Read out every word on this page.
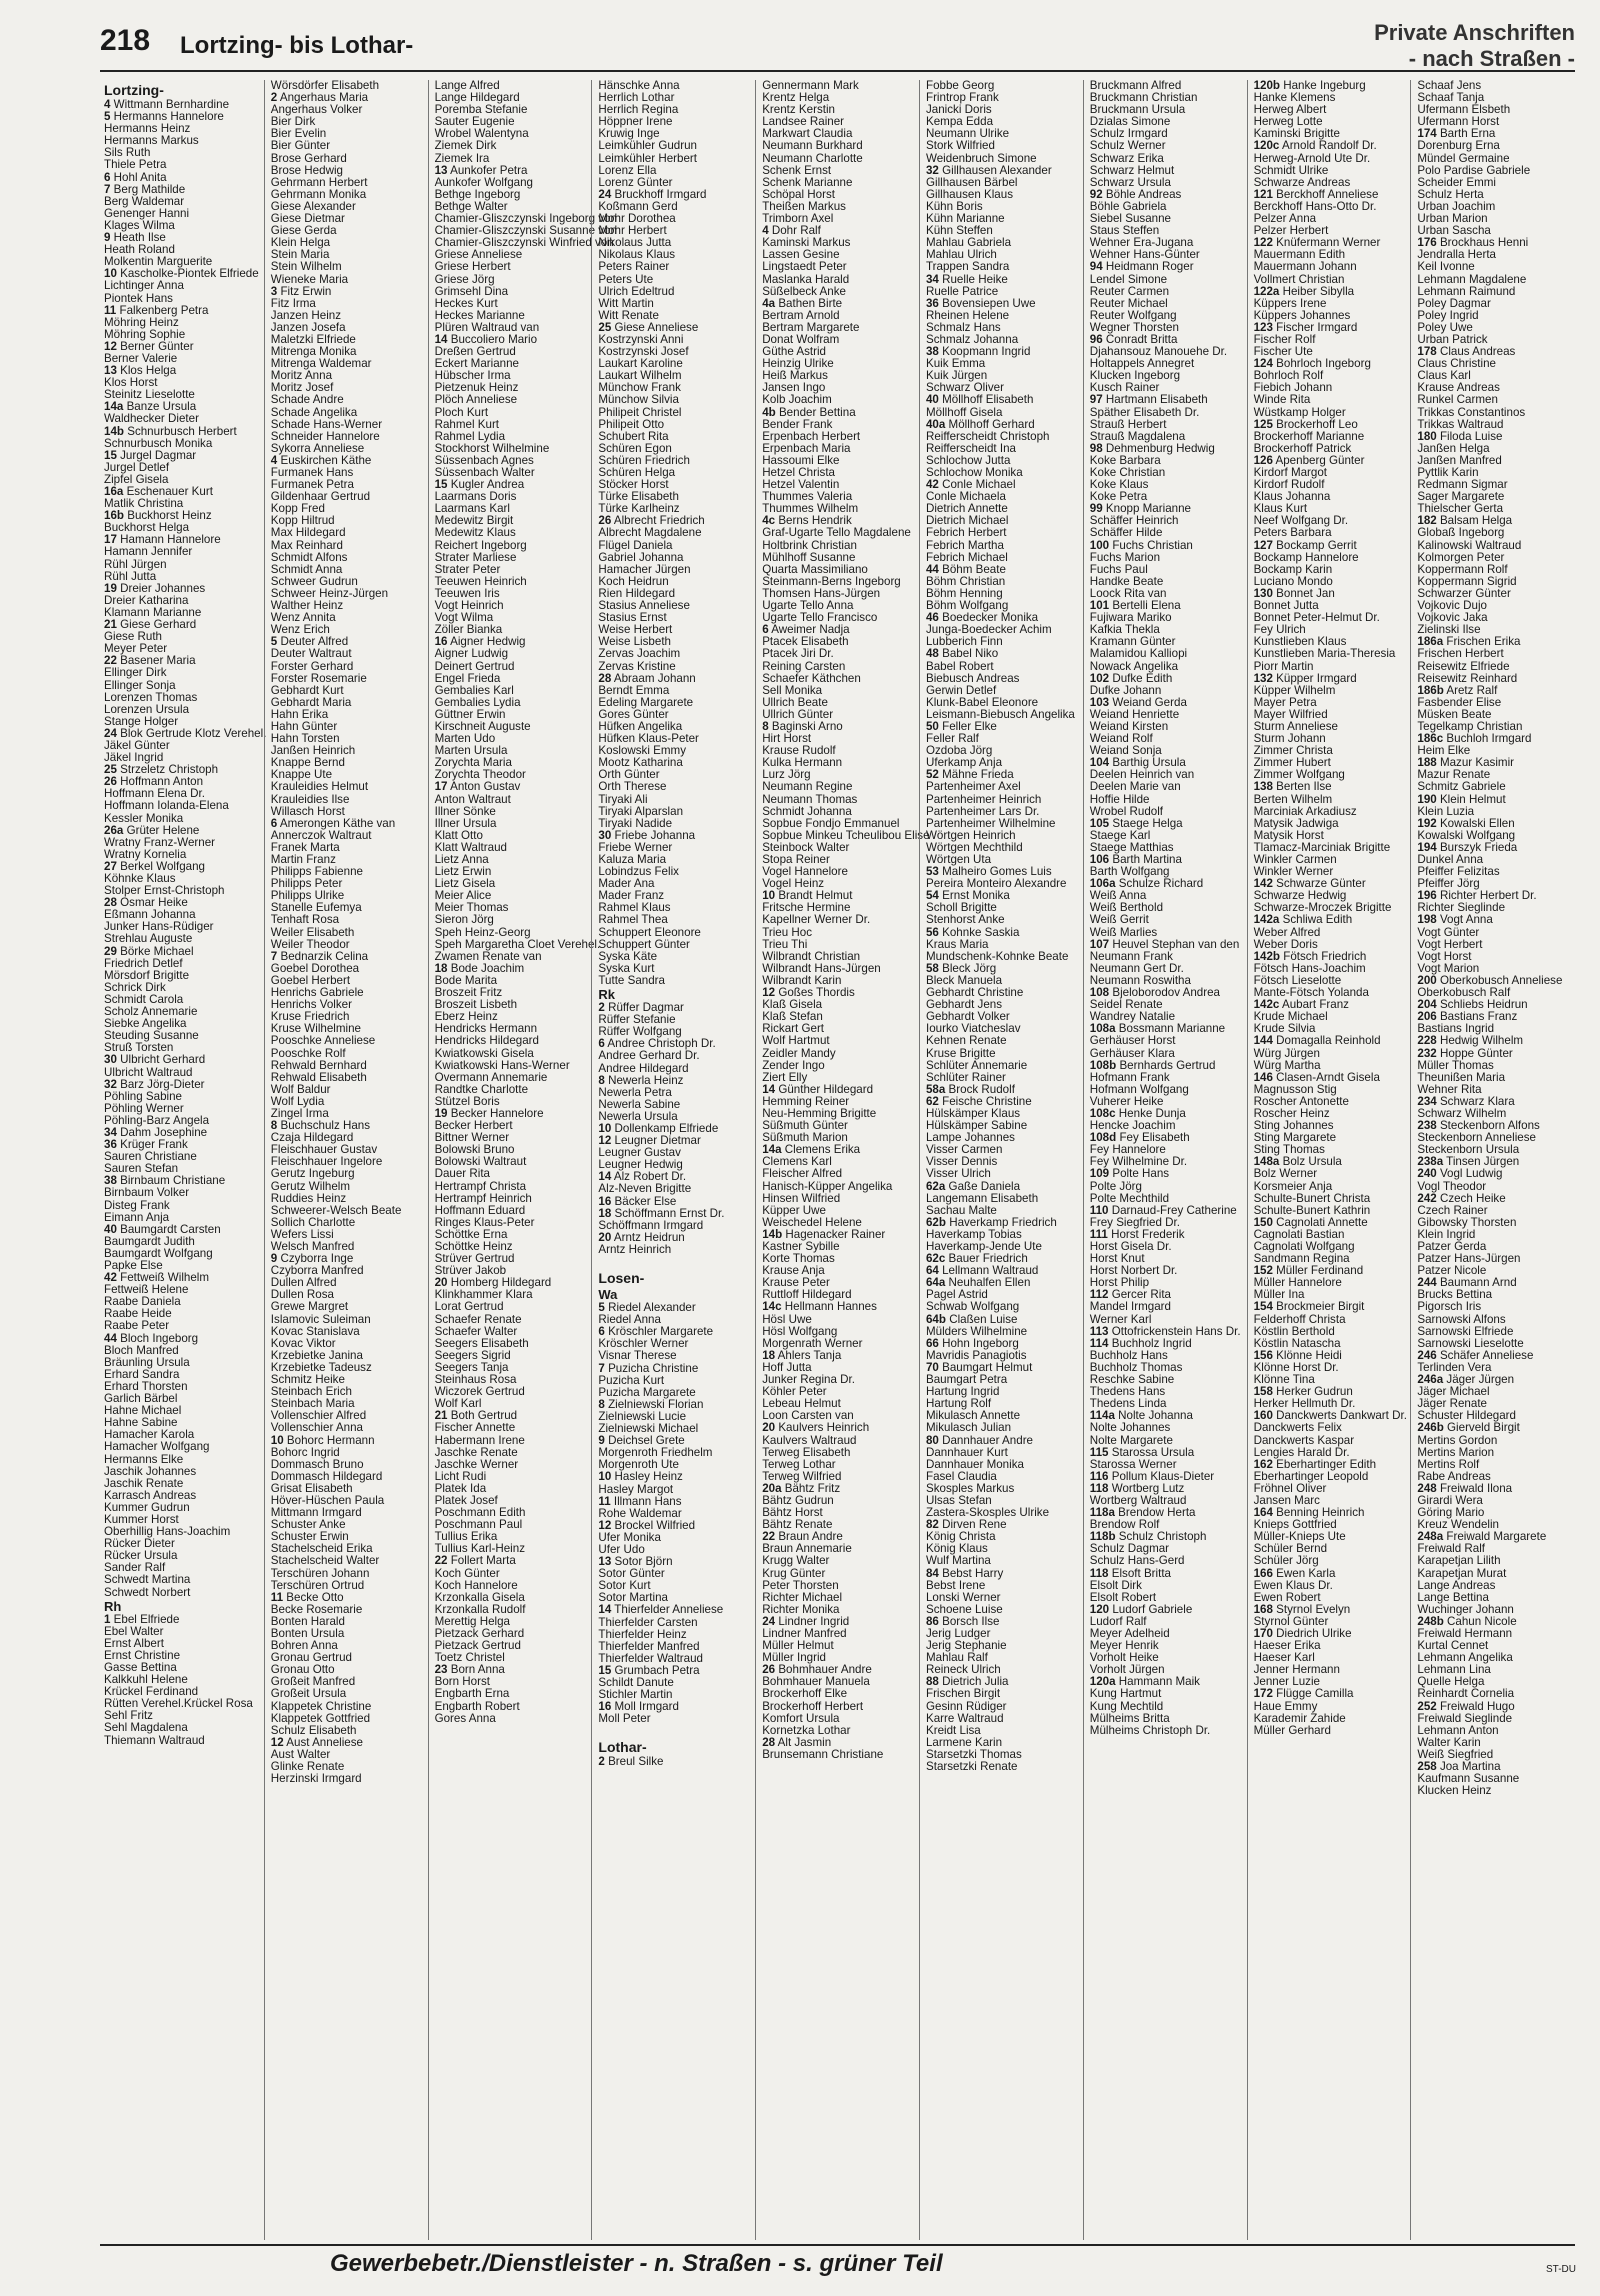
218 Lortzing- bis Lothar-	Private Anschriften
- nach Straßen -
Lortzing-
4 Wittmann Bernhardine
5 Hermanns Hannelore
Hermanns Heinz
Hermanns Markus
Sils Ruth
Thiele Petra
6 Hohl Anita
7 Berg Mathilde
Berg Waldemar
Genenger Hanni
Klages Wilma
9 Heath Ilse
Heath Roland
Molkentin Marguerite
10 Kascholke-Piontek Elfriede
Lichtinger Anna
Piontek Hans
11 Falkenberg Petra
Möhring Heinz
Möhring Sophie
12 Berner Günter
Berner Valerie
13 Klos Helga
Klos Horst
Steinitz Lieselotte
14a Banze Ursula
Waldhecker Dieter
14b Schnurbusch Herbert
Schnurbusch Monika
15 Jurgel Dagmar
Jurgel Detlef
Zipfel Gisela
16a Eschenauer Kurt
Matlik Christina
16b Buckhorst Heinz
Buckhorst Helga
17 Hamann Hannelore
Hamann Jennifer
Rühl Jürgen
Rühl Jutta
19 Dreier Johannes
Dreier Katharina
Klamann Marianne
21 Giese Gerhard
Giese Ruth
Meyer Peter
22 Basener Maria
Ellinger Dirk
Ellinger Sonja
Lorenzen Thomas
Lorenzen Ursula
Stange Holger
24 Blok Gertrude Klotz Verehel.
Jäkel Günter
Jäkel Ingrid
25 Strzeletz Christoph
26 Hoffmann Anton
Hoffmann Elena Dr.
Hoffmann Iolanda-Elena
Kessler Monika
26a Grüter Helene
Wratny Franz-Werner
Wratny Kornelia
27 Berkel Wolfgang
Köhnke Klaus
Stolper Ernst-Christoph
28 Osmar Heike
Eßmann Johanna
Junker Hans-Rüdiger
Strehlau Auguste
29 Börke Michael
Friedrich Detlef
Mörsdorf Brigitte
Schrick Dirk
Schmidt Carola
Scholz Annemarie
Siebke Angelika
Steuding Susanne
Struß Torsten
30 Ulbricht Gerhard
Ulbricht Waltraud
32 Barz Jörg-Dieter
Pöhling Sabine
Pöhling Werner
Pöhling-Barz Angela
34 Dahm Josephine
36 Krüger Frank
Sauren Christiane
Sauren Stefan
38 Birnbaum Christiane
Birnbaum Volker
Disteg Frank
Eimann Anja
40 Baumgardt Carsten
Baumgardt Judith
Baumgardt Wolfgang
Papke Else
42 Fettweiß Wilhelm
Fettweiß Helene
Raabe Daniela
Raabe Heide
Raabe Peter
44 Bloch Ingeborg
Bloch Manfred
Bräunling Ursula
Erhard Sandra
Erhard Thorsten
Garlich Bärbel
Hahne Michael
Hahne Sabine
Hamacher Karola
Hamacher Wolfgang
Hermanns Elke
Jaschik Johannes
Jaschik Renate
Karrasch Andreas
Kummer Gudrun
Kummer Horst
Oberhillig Hans-Joachim
Rücker Dieter
Rücker Ursula
Sander Ralf
Schwedt Martina
Schwedt Norbert
Rh
1 Ebel Elfriede
Ebel Walter
Ernst Albert
Ernst Christine
Gasse Bettina
Kalkkuhl Helene
Krückel Ferdinand
Rütten Verehel.Krückel Rosa
Sehl Fritz
Sehl Magdalena
Thiemann Waltraud
Wörsdörfer Elisabeth
2 Angerhaus Maria
Angerhaus Volker
Bier Dirk
Bier Evelin
Bier Günter
Brose Gerhard
Brose Hedwig
Gehrmann Herbert
Gehrmann Monika
Giese Alexander
Giese Dietmar
Giese Gerda
Klein Helga
Stein Maria
Stein Wilhelm
Wieneke Maria
3 Fitz Erwin
Fitz Irma
Janzen Heinz
Janzen Josefa
Maletzki Elfriede
Mitrenga Monika
Mitrenga Waldemar
Moritz Anna
Moritz Josef
Schade Andre
Schade Angelika
Schade Hans-Werner
Schneider Hannelore
Sykorra Anneliese
4 Euskirchen Käthe
Furmanek Hans
Furmanek Petra
Gildenhaar Gertrud
Kopp Fred
Kopp Hiltrud
Max Hildegard
Max Reinhard
Schmidt Alfons
Schmidt Anna
Schweer Gudrun
Schweer Heinz-Jürgen
Walther Heinz
Wenz Annita
Wenz Erich
5 Deuter Alfred
Deuter Waltraut
Forster Gerhard
Forster Rosemarie
Gebhardt Kurt
Gebhardt Maria
Hahn Erika
Hahn Günter
Hahn Torsten
Janßen Heinrich
Knappe Bernd
Knappe Ute
Krauleidies Helmut
Krauleidies Ilse
Willasch Horst
6 Amerongen Käthe van
Annerczok Waltraut
Franek Marta
Martin Franz
Philipps Fabienne
Philipps Peter
Philipps Ulrike
Stanelle Eufemya
Tenhaft Rosa
Weiler Elisabeth
Weiler Theodor
7 Bednarzik Celina
Goebel Dorothea
Goebel Herbert
Henrichs Gabriele
Henrichs Volker
Kruse Friedrich
Kruse Wilhelmine
Pooschke Anneliese
Pooschke Rolf
Rehwald Bernhard
Rehwald Elisabeth
Wolf Baldur
Wolf Lydia
Zingel Irma
8 Buchschulz Hans
Czaja Hildegard
Fleischhauer Gustav
Fleischhauer Ingelore
Gerutz Ingeburg
Gerutz Wilhelm
Ruddies Heinz
Schweerer-Welsch Beate
Sollich Charlotte
Wefers Lissi
Welsch Manfred
9 Czyborra Inge
Czyborra Manfred
Dullen Alfred
Dullen Rosa
Grewe Margret
Islamovic Suleiman
Kovac Stanislava
Kovac Viktor
Krzebietke Janina
Krzebietke Tadeusz
Schmitz Heike
Steinbach Erich
Steinbach Maria
Vollenschier Alfred
Vollenschier Anna
10 Bohorc Hermann
Bohorc Ingrid
Dommasch Bruno
Dommasch Hildegard
Grisat Elisabeth
Höver-Hüschen Paula
Mittmann Irmgard
Schuster Anke
Schuster Erwin
Stachelscheid Erika
Stachelscheid Walter
Terschüren Johann
Terschüren Ortrud
11 Becke Otto
Becke Rosemarie
Bonten Harald
Bonten Ursula
Bohren Anna
Gronau Gertrud
Gronau Otto
Großeit Manfred
Großeit Ursula
Klappetek Christine
Klappetek Gottfried
Schulz Elisabeth
12 Aust Anneliese
Aust Walter
Glinke Renate
Herzinski Irmgard
Lange Alfred
Lange Hildegard
Poremba Stefanie
Sauter Eugenie
Wrobel Walentyna
Ziemek Dirk
Ziemek Ira
13 Aunkofer Petra
Aunkofer Wolfgang
Bethge Ingeborg
Bethge Walter
Chamier-Gliszczynski Ingeborg von
Chamier-Gliszczynski Susanne von
Chamier-Gliszczynski Winfried von
Griese Anneliese
Griese Herbert
Griese Jörg
Grimsehl Dina
Heckes Kurt
Heckes Marianne
Plüren Waltraud van
14 Buccoliero Mario
Dreßen Gertrud
Eckert Marianne
Hübscher Irma
Pietzenuk Heinz
Plöch Anneliese
Ploch Kurt
Rahmel Kurt
Rahmel Lydia
Stockhorst Wilhelmine
Süssenbach Agnes
Süssenbach Walter
15 Kugler Andrea
Laarmans Doris
Laarmans Karl
Medewitz Birgit
Medewitz Klaus
Reichert Ingeborg
Strater Marliese
Strater Peter
Teeuwen Heinrich
Teeuwen Iris
Vogt Heinrich
Vogt Wilma
Zöller Bianka
16 Aigner Hedwig
Aigner Ludwig
Deinert Gertrud
Engel Frieda
Gembalies Karl
Gembalies Lydia
Güttner Erwin
Kirschneit Auguste
Marten Udo
Marten Ursula
Zorychta Maria
Zorychta Theodor
17 Anton Gustav
Anton Waltraut
Illner Sönke
Illner Ursula
Klatt Otto
Klatt Waltraud
Lietz Anna
Lietz Erwin
Lietz Gisela
Meier Alice
Meier Thomas
Sieron Jörg
Speh Heinz-Georg
Speh Margaretha Cloet Verehel.
Zwamen Renate van
18 Bode Joachim
Bode Marita
Broszeit Fritz
Broszeit Lisbeth
Eberz Heinz
Hendricks Hermann
Hendricks Hildegard
Kwiatkowski Gisela
Kwiatkowski Hans-Werner
Overmann Annemarie
Randtke Charlotte
Stützel Boris
19 Becker Hannelore
Becker Herbert
Bittner Werner
Bolowski Bruno
Bolowski Waltraut
Dauer Rita
Hertrampf Christa
Hertrampf Heinrich
Hoffmann Eduard
Ringes Klaus-Peter
Schöttke Erna
Schöttke Heinz
Strüver Gertrud
Strüver Jakob
20 Homberg Hildegard
Klinkhammer Klara
Lorat Gertrud
Schaefer Renate
Schaefer Walter
Seegers Elisabeth
Seegers Sigrid
Seegers Tanja
Steinhaus Rosa
Wiczorek Gertrud
Wolf Karl
21 Both Gertrud
Fischer Annette
Habermann Irene
Jaschke Renate
Jaschke Werner
Licht Rudi
Platek Ida
Platek Josef
Poschmann Edith
Poschmann Paul
Tullius Erika
Tullius Karl-Heinz
22 Follert Marta
Koch Günter
Koch Hannelore
Krzonkalla Gisela
Krzonkalla Rudolf
Merettig Helga
Pietzack Gerhard
Pietzack Gertrud
Toetz Christel
23 Born Anna
Born Horst
Engbarth Erna
Engbarth Robert
Gores Anna
Hänschke Anna
Herrlich Lothar
Herrlich Regina
Höppner Irene
Kruwig Inge
Leimkühler Gudrun
Leimkühler Herbert
Lorenz Ella
Lorenz Günter
24 Bruckhoff Irmgard
Koßmann Gerd
Mohr Dorothea
Mohr Herbert
Nikolaus Jutta
Nikolaus Klaus
Peters Rainer
Peters Ute
Ulrich Edeltrud
Witt Martin
Witt Renate
25 Giese Anneliese
Kostrzynski Anni
Kostrzynski Josef
Laukart Karoline
Laukart Wilhelm
Münchow Frank
Münchow Silvia
Philipeit Christel
Philipeit Otto
Schubert Rita
Schüren Egon
Schüren Friedrich
Schüren Helga
Stöcker Horst
Türke Elisabeth
Türke Karlheinz
26 Albrecht Friedrich
Albrecht Magdalene
Flügel Daniela
Gabriel Johanna
Hamacher Jürgen
Koch Heidrun
Rien Hildegard
Stasius Anneliese
Stasius Ernst
Weise Herbert
Weise Lisbeth
Zervas Joachim
Zervas Kristine
28 Abraam Johann
Berndt Emma
Edeling Margarete
Gores Günter
Hüfken Angelika
Hüfken Klaus-Peter
Koslowski Emmy
Mootz Katharina
Orth Günter
Orth Therese
Tiryaki Ali
Tiryaki Alparslan
Tiryaki Nadide
30 Friebe Johanna
Friebe Werner
Kaluza Maria
Lobindzus Felix
Mader Ana
Mader Franz
Rahmel Klaus
Rahmel Thea
Schuppert Eleonore
Schuppert Günter
Syska Käte
Syska Kurt
Tutte Sandra
Rk
2 Rüffer Dagmar
Rüffer Stefanie
Rüffer Wolfgang
6 Andree Christoph Dr.
Andree Gerhard Dr.
Andree Hildegard
8 Newerla Heinz
Newerla Petra
Newerla Sabine
Newerla Ursula
10 Dollenkamp Elfriede
12 Leugner Dietmar
Leugner Gustav
Leugner Hedwig
14 Alz Robert Dr.
Alz-Neven Brigitte
16 Bäcker Else
18 Schöffmann Ernst Dr.
Schöffmann Irmgard
20 Arntz Heidrun
Arntz Heinrich

Losen-
Wa
5 Riedel Alexander
Riedel Anna
6 Kröschler Margarete
Kröschler Werner
Visnar Therese
7 Puzicha Christine
Puzicha Kurt
Puzicha Margarete
8 Zielniewski Florian
Zielniewski Lucie
Zielniewski Michael
9 Deichsel Grete
Morgenroth Friedhelm
Morgenroth Ute
10 Hasley Heinz
Hasley Margot
11 Illmann Hans
Rohe Waldemar
12 Brockel Wilfried
Ufer Monika
Ufer Udo
13 Sotor Björn
Sotor Günter
Sotor Kurt
Sotor Martina
14 Thierfelder Anneliese
Thierfelder Carsten
Thierfelder Heinz
Thierfelder Manfred
Thierfelder Waltraud
15 Grumbach Petra
Schildt Danute
Stichler Martin
16 Moll Irmgard
Moll Peter

Lothar-
2 Breul Silke
Gennermann Mark
Krentz Helga
Krentz Kerstin
Landsee Rainer
Markwart Claudia
Neumann Burkhard
Neumann Charlotte
Schenk Ernst
Schenk Marianne
Schöpal Horst
Theißen Markus
Trimborn Axel
4 Dohr Ralf
Kaminski Markus
Lassen Gesine
Lingstaedt Peter
Maslanka Harald
Süßelbeck Anke
4a Bathen Birte
Bertram Arnold
Bertram Margarete
Donat Wolfram
Güthe Astrid
Heinzig Ulrike
Heiß Markus
Jansen Ingo
Kolb Joachim
4b Bender Bettina
Bender Frank
Erpenbach Herbert
Erpenbach Maria
Hassoumi Elke
Hetzel Christa
Hetzel Valentin
Thummes Valeria
Thummes Wilhelm
4c Berns Hendrik
Graf-Ugarte Tello Magdalene
Holtbrink Christian
Mühlhoff Susanne
Quarta Massimiliano
Steinmann-Berns Ingeborg
Thomsen Hans-Jürgen
Ugarte Tello Anna
Ugarte Tello Francisco
6 Aweimer Nadja
Ptacek Elisabeth
Ptacek Jiri Dr.
Reining Carsten
Schaefer Käthchen
Sell Monika
Ullrich Beate
Ullrich Günter
8 Baginski Arno
Hirt Horst
Krause Rudolf
Kulka Hermann
Lurz Jörg
Neumann Regine
Neumann Thomas
Schmidt Johanna
Sopbue Fondjo Emmanuel
Sopbue Minkeu Tcheulibou Elise
Steinbock Walter
Stopa Reiner
Vogel Hannelore
Vogel Heinz
10 Brandt Helmut
Fritsche Hermine
Kapellner Werner Dr.
Trieu Hoc
Trieu Thi
Wilbrandt Christian
Wilbrandt Hans-Jürgen
Wilbrandt Karin
12 Goßes Thordis
Klaß Gisela
Klaß Stefan
Rickart Gert
Wolf Hartmut
Zeidler Mandy
Zender Ingo
Ziert Elly
14 Günther Hildegard
Hemming Reiner
Neu-Hemming Brigitte
Süßmuth Günter
Süßmuth Marion
14a Clemens Erika
Clemens Karl
Fleischer Alfred
Hanisch-Küpper Angelika
Hinsen Wilfried
Küpper Uwe
Weischedel Helene
14b Hagenacker Rainer
Kastner Sybille
Korte Thomas
Krause Anja
Krause Peter
Ruttloff Hildegard
14c Hellmann Hannes
Hösl Uwe
Hösl Wolfgang
Morgenrath Werner
18 Ahlers Tanja
Hoff Jutta
Junker Regina Dr.
Köhler Peter
Lebeau Helmut
Loon Carsten van
20 Kaulvers Heinrich
Kaulvers Waltraud
Terweg Elisabeth
Terweg Lothar
Terweg Wilfried
20a Bähtz Fritz
Bähtz Gudrun
Bähtz Horst
Bähtz Renate
22 Braun Andre
Braun Annemarie
Krugg Walter
Krug Günter
Peter Thorsten
Richter Michael
Richter Monika
24 Lindner Ingrid
Lindner Manfred
Müller Helmut
Müller Ingrid
26 Bohmhauer Andre
Bohmhauer Manuela
Brockerhoff Elke
Brockerhoff Herbert
Komfort Ursula
Kornetzka Lothar
28 Alt Jasmin
Brunsemann Christiane
Fobbe Georg
Frintrop Frank
Janicki Doris
Kempa Edda
Neumann Ulrike
Stork Wilfried
Weidenbruch Simone
32 Gillhausen Alexander
Gillhausen Bärbel
Gillhausen Klaus
Kühn Boris
Kühn Marianne
Kühn Steffen
Mahlau Gabriela
Mahlau Ulrich
Trappen Sandra
34 Ruelle Heike
Ruelle Patrice
36 Bovensiepen Uwe
Rheinen Helene
Schmalz Hans
Schmalz Johanna
38 Koopmann Ingrid
Kuik Emma
Kuik Jürgen
Schwarz Oliver
40 Möllhoff Elisabeth
Möllhoff Gisela
40a Möllhoff Gerhard
Reifferscheidt Christoph
Reifferscheidt Ina
Schlochow Jutta
Schlochow Monika
42 Conle Michael
Conle Michaela
Dietrich Annette
Dietrich Michael
Febrich Herbert
Febrich Martha
Febrich Michael
44 Böhm Beate
Böhm Christian
Böhm Henning
Böhm Wolfgang
46 Boedecker Monika
Junga-Boedecker Achim
Lubberich Finn
48 Babel Niko
Babel Robert
Biebusch Andreas
Gerwin Detlef
Klunk-Babel Eleonore
Leismann-Biebusch Angelika
50 Feller Elke
Feller Ralf
Ozdoba Jörg
Uferkamp Anja
52 Mähne Frieda
Partenheimer Axel
Partenheimer Heinrich
Partenheimer Lars Dr.
Partenheimer Wilhelmine
Wörtgen Heinrich
Wörtgen Mechthild
Wörtgen Uta
53 Malheiro Gomes Luis
Pereira Monteiro Alexandre
54 Ernst Monika
Scholl Brigitte
Stenhorst Anke
56 Kohnke Saskia
Kraus Maria
Mundschenk-Kohnke Beate
58 Bleck Jörg
Bleck Manuela
Gebhardt Christine
Gebhardt Jens
Gebhardt Volker
Iourko Viatcheslav
Kehnen Renate
Kruse Brigitte
Schlüter Annemarie
Schlüter Rainer
58a Brock Rudolf
62 Feische Christine
Hülskämper Klaus
Hülskämper Sabine
Lampe Johannes
Visser Carmen
Visser Dennis
Visser Ulrich
62a Gaße Daniela
Langemann Elisabeth
Sachau Malte
62b Haverkamp Friedrich
Haverkamp Tobias
Haverkamp-Jende Ute
62c Bauer Friedrich
64 Lellmann Waltraud
64a Neuhalfen Ellen
Pagel Astrid
Schwab Wolfgang
64b Claßen Luise
Mülders Wilhelmine
66 Hohn Ingeborg
Mavridis Panagiotis
70 Baumgart Helmut
Baumgart Petra
Hartung Ingrid
Hartung Rolf
Mikulasch Annette
Mikulasch Julian
80 Dannhauer Andre
Dannhauer Kurt
Dannhauer Monika
Fasel Claudia
Skosples Markus
Ulsas Stefan
Zastera-Skosples Ulrike
82 Dirven Rene
König Christa
König Klaus
Wulf Martina
84 Bebst Harry
Bebst Irene
Lonski Werner
Schoene Luise
86 Borsch Ilse
Jerig Ludger
Jerig Stephanie
Mahlau Ralf
Reineck Ulrich
88 Dietrich Julia
Frischen Birgit
Gesinn Rüdiger
Karre Waltraud
Kreidt Lisa
Larmene Karin
Starsetzki Thomas
Starsetzki Renate
Bruckmann Alfred
Bruckmann Christian
Bruckmann Ursula
Dzialas Simone
Schulz Irmgard
Schulz Werner
Schwarz Erika
Schwarz Helmut
Schwarz Ursula
92 Böhle Andreas
Böhle Gabriela
Siebel Susanne
Staus Steffen
Wehner Era-Jugana
Wehner Hans-Günter
94 Heidmann Roger
Lendel Simone
Reuter Carmen
Reuter Michael
Reuter Wolfgang
Wegner Thorsten
96 Conradt Britta
Djahansouz Manouehe Dr.
Holtappels Annegret
Klucken Ingeborg
Kusch Rainer
97 Hartmann Elisabeth
Späther Elisabeth Dr.
Strauß Herbert
Strauß Magdalena
98 Dehmenburg Hedwig
Koke Barbara
Koke Christian
Koke Klaus
Koke Petra
99 Knopp Marianne
Schäffer Heinrich
Schäffer Hilde
100 Fuchs Christian
Fuchs Marion
Fuchs Paul
Handke Beate
Loock Rita van
101 Bertelli Elena
Fujiwara Mariko
Kafkia Thekla
Kramann Günter
Malamidou Kalliopi
Nowack Angelika
102 Dufke Edith
Dufke Johann
103 Weiand Gerda
Weiand Henriette
Weiand Kirsten
Weiand Rolf
Weiand Sonja
104 Barthig Ursula
Deelen Heinrich van
Deelen Marie van
Hoffie Hilde
Wrobel Rudolf
105 Staege Helga
Staege Karl
Staege Matthias
106 Barth Martina
Barth Wolfgang
106a Schulze Richard
Weiß Anna
Weiß Berthold
Weiß Gerrit
Weiß Marlies
107 Heuvel Stephan van den
Neumann Frank
Neumann Gert Dr.
Neumann Roswitha
108 Bjeloborodov Andrea
Seidel Renate
Wandrey Natalie
108a Bossmann Marianne
Gerhäuser Horst
Gerhäuser Klara
108b Bernhards Gertrud
Hofmann Frank
Hofmann Wolfgang
Vuherer Heike
108c Henke Dunja
Hencke Joachim
108d Fey Elisabeth
Fey Hannelore
Fey Wilhelmine Dr.
109 Polte Hans
Polte Jörg
Polte Mechthild
110 Darnaud-Frey Catherine
Frey Siegfried Dr.
111 Horst Frederik
Horst Gisela Dr.
Horst Knut
Horst Norbert Dr.
Horst Philip
112 Gercer Rita
Mandel Irmgard
Werner Karl
113 Ottofrickenstein Hans Dr.
114 Buchholz Ingrid
Buchholz Hans
Buchholz Thomas
Reschke Sabine
Thedens Hans
Thedens Linda
114a Nolte Johanna
Nolte Johannes
Nolte Margarete
115 Starossa Ursula
Starossa Werner
116 Pollum Klaus-Dieter
118 Wortberg Lutz
Wortberg Waltraud
118a Brendow Herta
Brendow Rolf
118b Schulz Christoph
Schulz Dagmar
Schulz Hans-Gerd
118 Elsoft Britta
Elsolt Dirk
Elsolt Robert
120 Ludorf Gabriele
Ludorf Ralf
Meyer Adelheid
Meyer Henrik
Vorholt Heike
Vorholt Jürgen
120a Hammann Maik
Kung Hartmut
Kung Mechtild
Mülheims Britta
Mülheims Christoph Dr.
120b Hanke Ingeburg
Hanke Klemens
Herweg Albert
Herweg Lotte
Kaminski Brigitte
120c Arnold Randolf Dr.
Herweg-Arnold Ute Dr.
Schmidt Ulrike
Schwarze Andreas
121 Berckhoff Anneliese
Berckhoff Hans-Otto Dr.
Pelzer Anna
Pelzer Herbert
122 Knüfermann Werner
Mauermann Edith
Mauermann Johann
Vollmert Christian
122a Heiber Sibylla
Küppers Irene
Küppers Johannes
123 Fischer Irmgard
Fischer Rolf
Fischer Ute
124 Bohrloch Ingeborg
Bohrloch Rolf
Fiebich Johann
Winde Rita
Wüstkamp Holger
125 Brockerhoff Leo
Brockerhoff Marianne
Brockerhoff Patrick
126 Apenberg Günter
Kirdorf Margot
Kirdorf Rudolf
Klaus Johanna
Klaus Kurt
Neef Wolfgang Dr.
Peters Barbara
127 Bockamp Gerrit
Bockamp Hannelore
Bockamp Karin
Luciano Mondo
130 Bonnet Jan
Bonnet Jutta
Bonnet Peter-Helmut Dr.
Fey Ulrich
Kunstlieben Klaus
Kunstlieben Maria-Theresia
Piorr Martin
132 Küpper Irmgard
Küpper Wilhelm
Mayer Petra
Mayer Wilfried
Sturm Anneliese
Sturm Johann
Zimmer Christa
Zimmer Hubert
Zimmer Wolfgang
138 Berten Ilse
Berten Wilhelm
Marciniak Arkadiusz
Matysik Jadwiga
Matysik Horst
Tlamacz-Marciniak Brigitte
Winkler Carmen
Winkler Werner
142 Schwarze Günter
Schwarze Hedwig
Schwarze-Mroczek Brigitte
142a Schliwa Edith
Weber Alfred
Weber Doris
142b Fötsch Friedrich
Fötsch Hans-Joachim
Fötsch Lieselotte
Mante-Fötsch Yolanda
142c Aubart Franz
Krude Michael
Krude Silvia
144 Domagalla Reinhold
Würg Jürgen
Würg Martha
146 Clasen-Arndt Gisela
Magnusson Stig
Roscher Antonette
Roscher Heinz
Sting Johannes
Sting Margarete
Sting Thomas
148a Bolz Ursula
Bolz Werner
Korsmeier Anja
Schulte-Bunert Christa
Schulte-Bunert Kathrin
150 Cagnolati Annette
Cagnolati Bastian
Cagnolati Wolfgang
Sandmann Regina
152 Müller Ferdinand
Müller Hannelore
Müller Ina
154 Brockmeier Birgit
Felderhoff Christa
Köstlin Berthold
Köstlin Natascha
156 Klönne Heidi
Klönne Horst Dr.
Klönne Tina
158 Herker Gudrun
Herker Hellmuth Dr.
160 Danckwerts Dankwart Dr.
Danckwerts Felix
Danckwerts Kaspar
Lengies Harald Dr.
162 Eberhartinger Edith
Eberhartinger Leopold
Fröhnel Oliver
Jansen Marc
164 Benning Heinrich
Knieps Gottfried
Müller-Knieps Ute
Schüler Bernd
Schüler Jörg
166 Ewen Karla
Ewen Klaus Dr.
Ewen Robert
168 Styrnol Evelyn
Styrnol Günter
170 Diedrich Ulrike
Haeser Erika
Haeser Karl
Jenner Hermann
Jenner Luzie
172 Flügge Camilla
Haue Emmy
Karademir Zahide
Müller Gerhard
Schaaf Jens
Schaaf Tanja
Ufermann Elsbeth
Ufermann Horst
174 Barth Erna
Dorenburg Erna
Mündel Germaine
Polo Pardise Gabriele
Scheider Emmi
Schulz Herta
Urban Joachim
Urban Marion
Urban Sascha
176 Brockhaus Henni
Jendralla Herta
Keil Ivonne
Lehmann Magdalene
Lehmann Raimund
Poley Dagmar
Poley Ingrid
Poley Uwe
Urban Patrick
178 Claus Andreas
Claus Christine
Claus Karl
Krause Andreas
Runkel Carmen
Trikkas Constantinos
Trikkas Waltraud
180 Filoda Luise
Janßen Helga
Janßen Manfred
Pyttlik Karin
Redmann Sigmar
Sager Margarete
Thielscher Gerta
182 Balsam Helga
Globaß Ingeborg
Kalinowski Waltraud
Kolmorgen Peter
Koppermann Rolf
Koppermann Sigrid
Schwarzer Günter
Vojkovic Dujo
Vojkovic Jaka
Zielinski Ilse
186a Frischen Erika
Frischen Herbert
Reisewitz Elfriede
Reisewitz Reinhard
186b Aretz Ralf
Fasbender Elise
Müsken Beate
Tegelkamp Christian
186c Buchloh Irmgard
Heim Elke
188 Mazur Kasimir
Mazur Renate
Schmitz Gabriele
190 Klein Helmut
Klein Luzia
192 Kowalski Ellen
Kowalski Wolfgang
194 Burszyk Frieda
Dunkel Anna
Pfeiffer Felizitas
Pfeiffer Jörg
196 Richter Herbert Dr.
Richter Sieglinde
198 Vogt Anna
Vogt Günter
Vogt Herbert
Vogt Horst
Vogt Marion
200 Oberkobusch Anneliese
Oberkobusch Ralf
204 Schliebs Heidrun
206 Bastians Franz
Bastians Ingrid
228 Hedwig Wilhelm
232 Hoppe Günter
Müller Thomas
Theunißen Maria
Wehner Rita
234 Schwarz Klara
Schwarz Wilhelm
238 Steckenborn Alfons
Steckenborn Anneliese
Steckenborn Ursula
238a Tinsen Jürgen
240 Vogl Ludwig
Vogl Theodor
242 Czech Heike
Czech Rainer
Gibowsky Thorsten
Klein Ingrid
Patzer Gerda
Patzer Hans-Jürgen
Patzer Nicole
244 Baumann Arnd
Brucks Bettina
Pigorsch Iris
Sarnowski Alfons
Sarnowski Elfriede
Sarnowski Lieselotte
246 Schäfer Anneliese
Terlinden Vera
246a Jäger Jürgen
Jäger Michael
Jäger Renate
Schuster Hildegard
246b Gierveld Birgit
Mertins Gordon
Mertins Marion
Mertins Rolf
Rabe Andreas
248 Freiwald Ilona
Girardi Wera
Göring Mario
Kreuz Wendelin
248a Freiwald Margarete
Freiwald Ralf
Karapetjan Lilith
Karapetjan Murat
Lange Andreas
Lange Bettina
Wuchinger Johann
248b Cahun Nicole
Freiwald Hermann
Kurtal Cennet
Lehmann Angelika
Lehmann Lina
Quelle Helga
Reinhardt Cornelia
252 Freiwald Hugo
Freiwald Sieglinde
Lehmann Anton
Walter Karin
Weiß Siegfried
258 Joa Martina
Kaufmann Susanne
Klucken Heinz
Gewerbebetr./Dienstleister - n. Straßen - s. grüner Teil	ST-DU
